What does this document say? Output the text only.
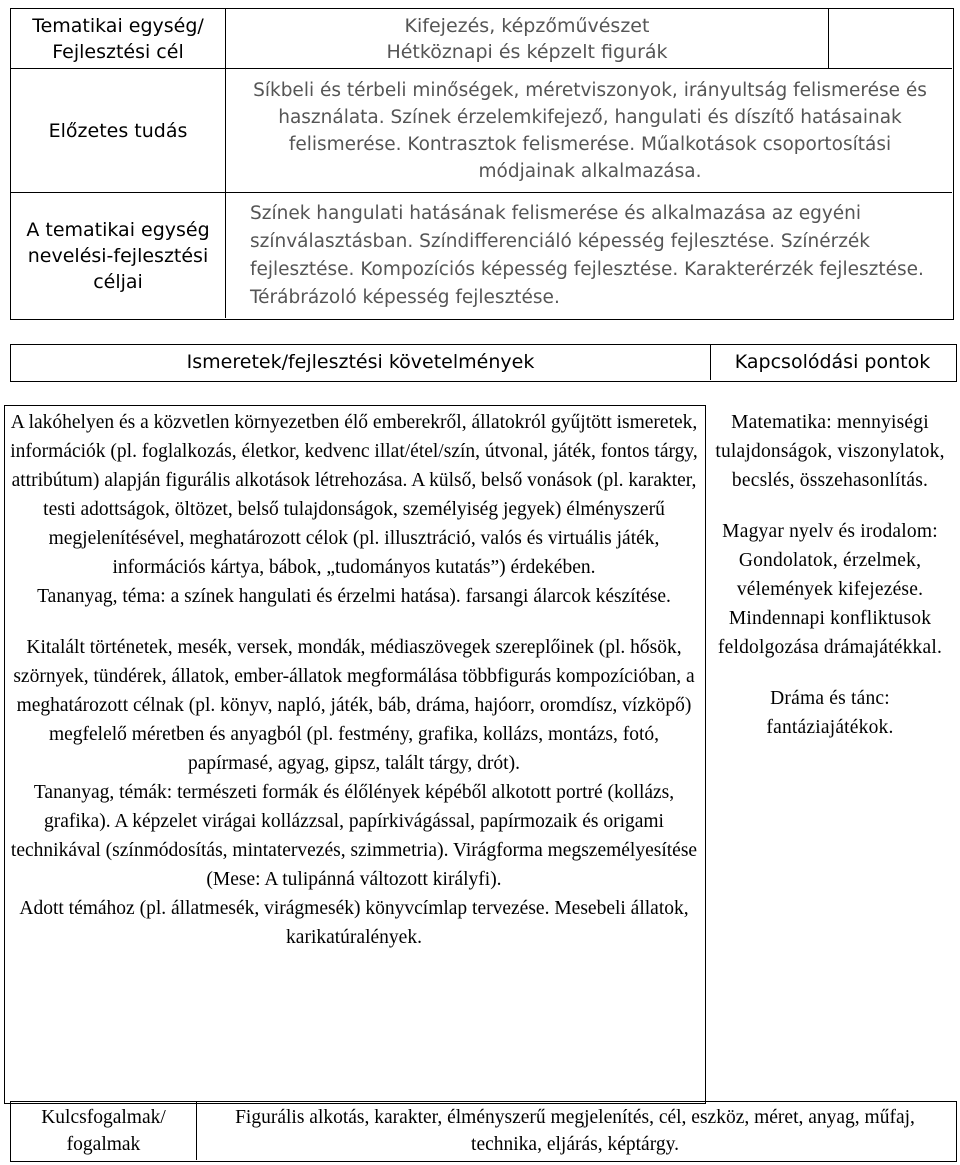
Tematikai egység/ Fejlesztési cél
Kifejezés, képzőművészet
Hétköznapi és képzelt figurák
Előzetes tudás
Síkbeli és térbeli minőségek, méretviszonyok, irányultság felismerése és használata. Színek érzelemkifejező, hangulati és díszítő hatásainak felismerése. Kontrasztok felismerése. Műalkotások csoportosítási módjainak alkalmazása.
A tematikai egység nevelési-fejlesztési céljai
Színek hangulati hatásának felismerése és alkalmazása az egyéni színválasztásban. Színdifferenciáló képesség fejlesztése. Színérzék fejlesztése. Kompozíciós képesség fejlesztése. Karakterérzék fejlesztése. Térábrázoló képesség fejlesztése.
Ismeretek/fejlesztési követelmények	Kapcsolódási pontok

A lakóhelyen és a közvetlen környezetben élő emberekről, állatokról gyűjtött ismeretek, információk (pl. foglalkozás, életkor, kedvenc illat/étel/szín, útvonal, játék, fontos tárgy, attribútum) alapján figurális alkotások létrehozása. A külső, belső vonások (pl. karakter, testi adottságok, öltözet, belső tulajdonságok, személyiség jegyek) élményszerű megjelenítésével, meghatározott célok (pl. illusztráció, valós és virtuális játék, információs kártya, bábok, „tudományos kutatás”) érdekében.

Tananyag, téma: a színek hangulati és érzelmi hatása). farsangi álarcok készítése.

Kitalált történetek, mesék, versek, mondák, médiaszövegek szereplőinek (pl. hősök, szörnyek, tündérek, állatok, ember-állatok megformálása többfigurás kompozícióban, a meghatározott célnak (pl. könyv, napló, játék, báb, dráma, hajóorr, oromdísz, vízköpő) megfelelő méretben és anyagból (pl. festmény, grafika, kollázs, montázs, fotó, papírmasé, agyag, gipsz, talált tárgy, drót).

Tananyag, témák: természeti formák és élőlények képéből alkotott portré (kollázs, grafika). A képzelet virágai kollázzsal, papírkivágással, papírmozaik és origami technikával (színmódosítás, mintatervezés, szimmetria). Virágforma megszemélyesítése (Mese: A tulipánná változott királyfi).

Adott témához (pl. állatmesék, virágmesék) könyvcímlap tervezése. Mesebeli állatok, karikatúralények.

Matematika: mennyiségi tulajdonságok, viszonylatok, becslés, összehasonlítás.

Magyar nyelv és irodalom: Gondolatok, érzelmek, vélemények kifejezése. Mindennapi konfliktusok feldolgozása drámajátékkal.

Dráma és tánc: fantáziajátékok.

Kulcsfogalmak/ fogalmak
Figurális alkotás, karakter, élményszerű megjelenítés, cél, eszköz, méret, anyag, műfaj, technika, eljárás, képtárgy.
